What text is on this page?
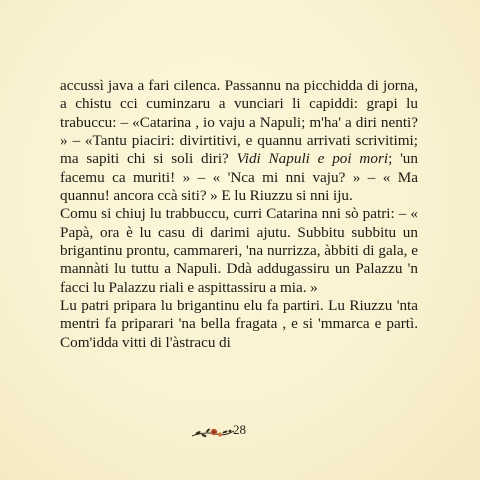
accussì java a fari cilenca. Passannu na picchidda di jorna, a chistu cci cuminzaru a vunciari li capiddi: grapi lu trabuccu: – «Catarina , io vaju a Napuli; m'ha' a diri nenti? » – «Tantu piaciri: divirtitivi, e quannu arrivati scrivitimi; ma sapiti chi si soli diri? Vidi Napuli e poi mori; 'un facemu ca muriti! » – « 'Nca mi nni vaju? » – « Ma quannu! ancora ccà siti? » E lu Riuzzu si nni iju.

Comu si chiuj lu trabbuccu, curri Catarina nni sò patri: – « Papà, ora è lu casu di darimi ajutu. Subbitu subbitu un brigantinu prontu, cammareri, 'na nurrizza, àbbiti di gala, e mannàti lu tuttu a Napuli. Ddà addugassiru un Palazzu 'n facci lu Palazzu riali e aspittassiru a mia. »

Lu patri pripara lu brigantinu elu fa partiri. Lu Riuzzu 'nta mentri fa priparari 'na bella fragata , e si 'mmarca e partì. Com'idda vitti di l'àstracu di

28
